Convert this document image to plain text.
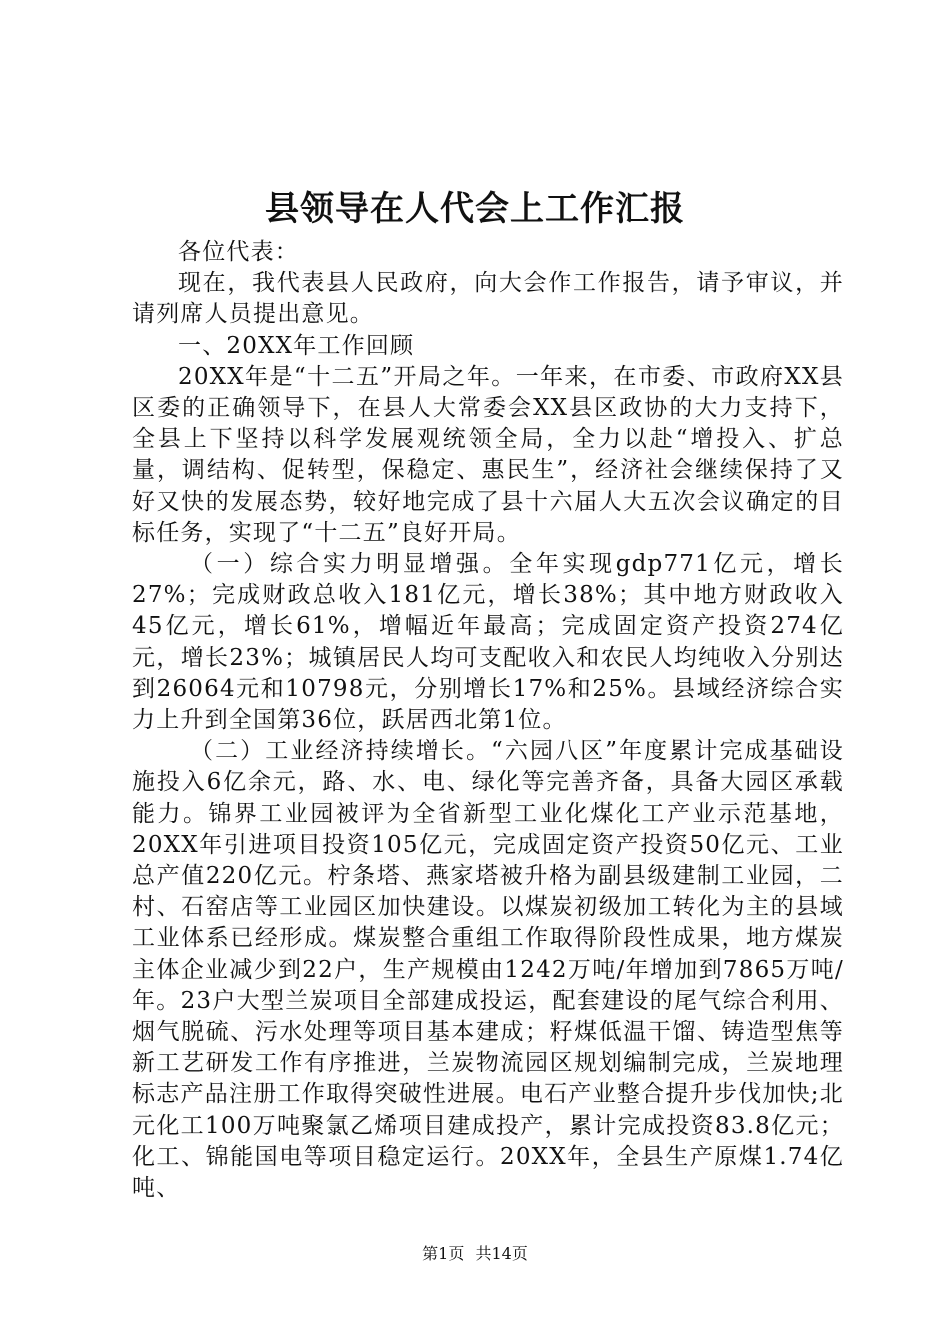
县领导在人代会上工作汇报

各位代表：

现在，我代表县人民政府，向大会作工作报告，请予审议，并请列席人员提出意见。

一、20XX年工作回顾

20XX年是“十二五”开局之年。一年来，在市委、市政府XX县区委的正确领导下，在县人大常委会XX县区政协的大力支持下，全县上下坚持以科学发展观统领全局，全力以赴“增投入、扩总量，调结构、促转型，保稳定、惠民生”，经济社会继续保持了又好又快的发展态势，较好地完成了县十六届人大五次会议确定的目标任务，实现了“十二五”良好开局。

（一）综合实力明显增强。全年实现gdp771亿元，增长27%；完成财政总收入181亿元，增长38%；其中地方财政收入45亿元，增长61%，增幅近年最高；完成固定资产投资274亿元，增长23%；城镇居民人均可支配收入和农民人均纯收入分别达到26064元和10798元，分别增长17%和25%。县域经济综合实力上升到全国第36位，跃居西北第1位。

（二）工业经济持续增长。“六园八区”年度累计完成基础设施投入6亿余元，路、水、电、绿化等完善齐备，具备大园区承载能力。锦界工业园被评为全省新型工业化煤化工产业示范基地，20XX年引进项目投资105亿元，完成固定资产投资50亿元、工业总产值220亿元。柠条塔、燕家塔被升格为副县级建制工业园，二村、石窑店等工业园区加快建设。以煤炭初级加工转化为主的县域工业体系已经形成。煤炭整合重组工作取得阶段性成果，地方煤炭主体企业减少到22户，生产规模由1242万吨/年增加到7865万吨/年。23户大型兰炭项目全部建成投运，配套建设的尾气综合利用、烟气脱硫、污水处理等项目基本建成；籽煤低温干馏、铸造型焦等新工艺研发工作有序推进，兰炭物流园区规划编制完成，兰炭地理标志产品注册工作取得突破性进展。电石产业整合提升步伐加快;北元化工100万吨聚氯乙烯项目建成投产，累计完成投资83.8亿元；化工、锦能国电等项目稳定运行。20XX年，全县生产原煤1.74亿吨、

第1页 共14页
